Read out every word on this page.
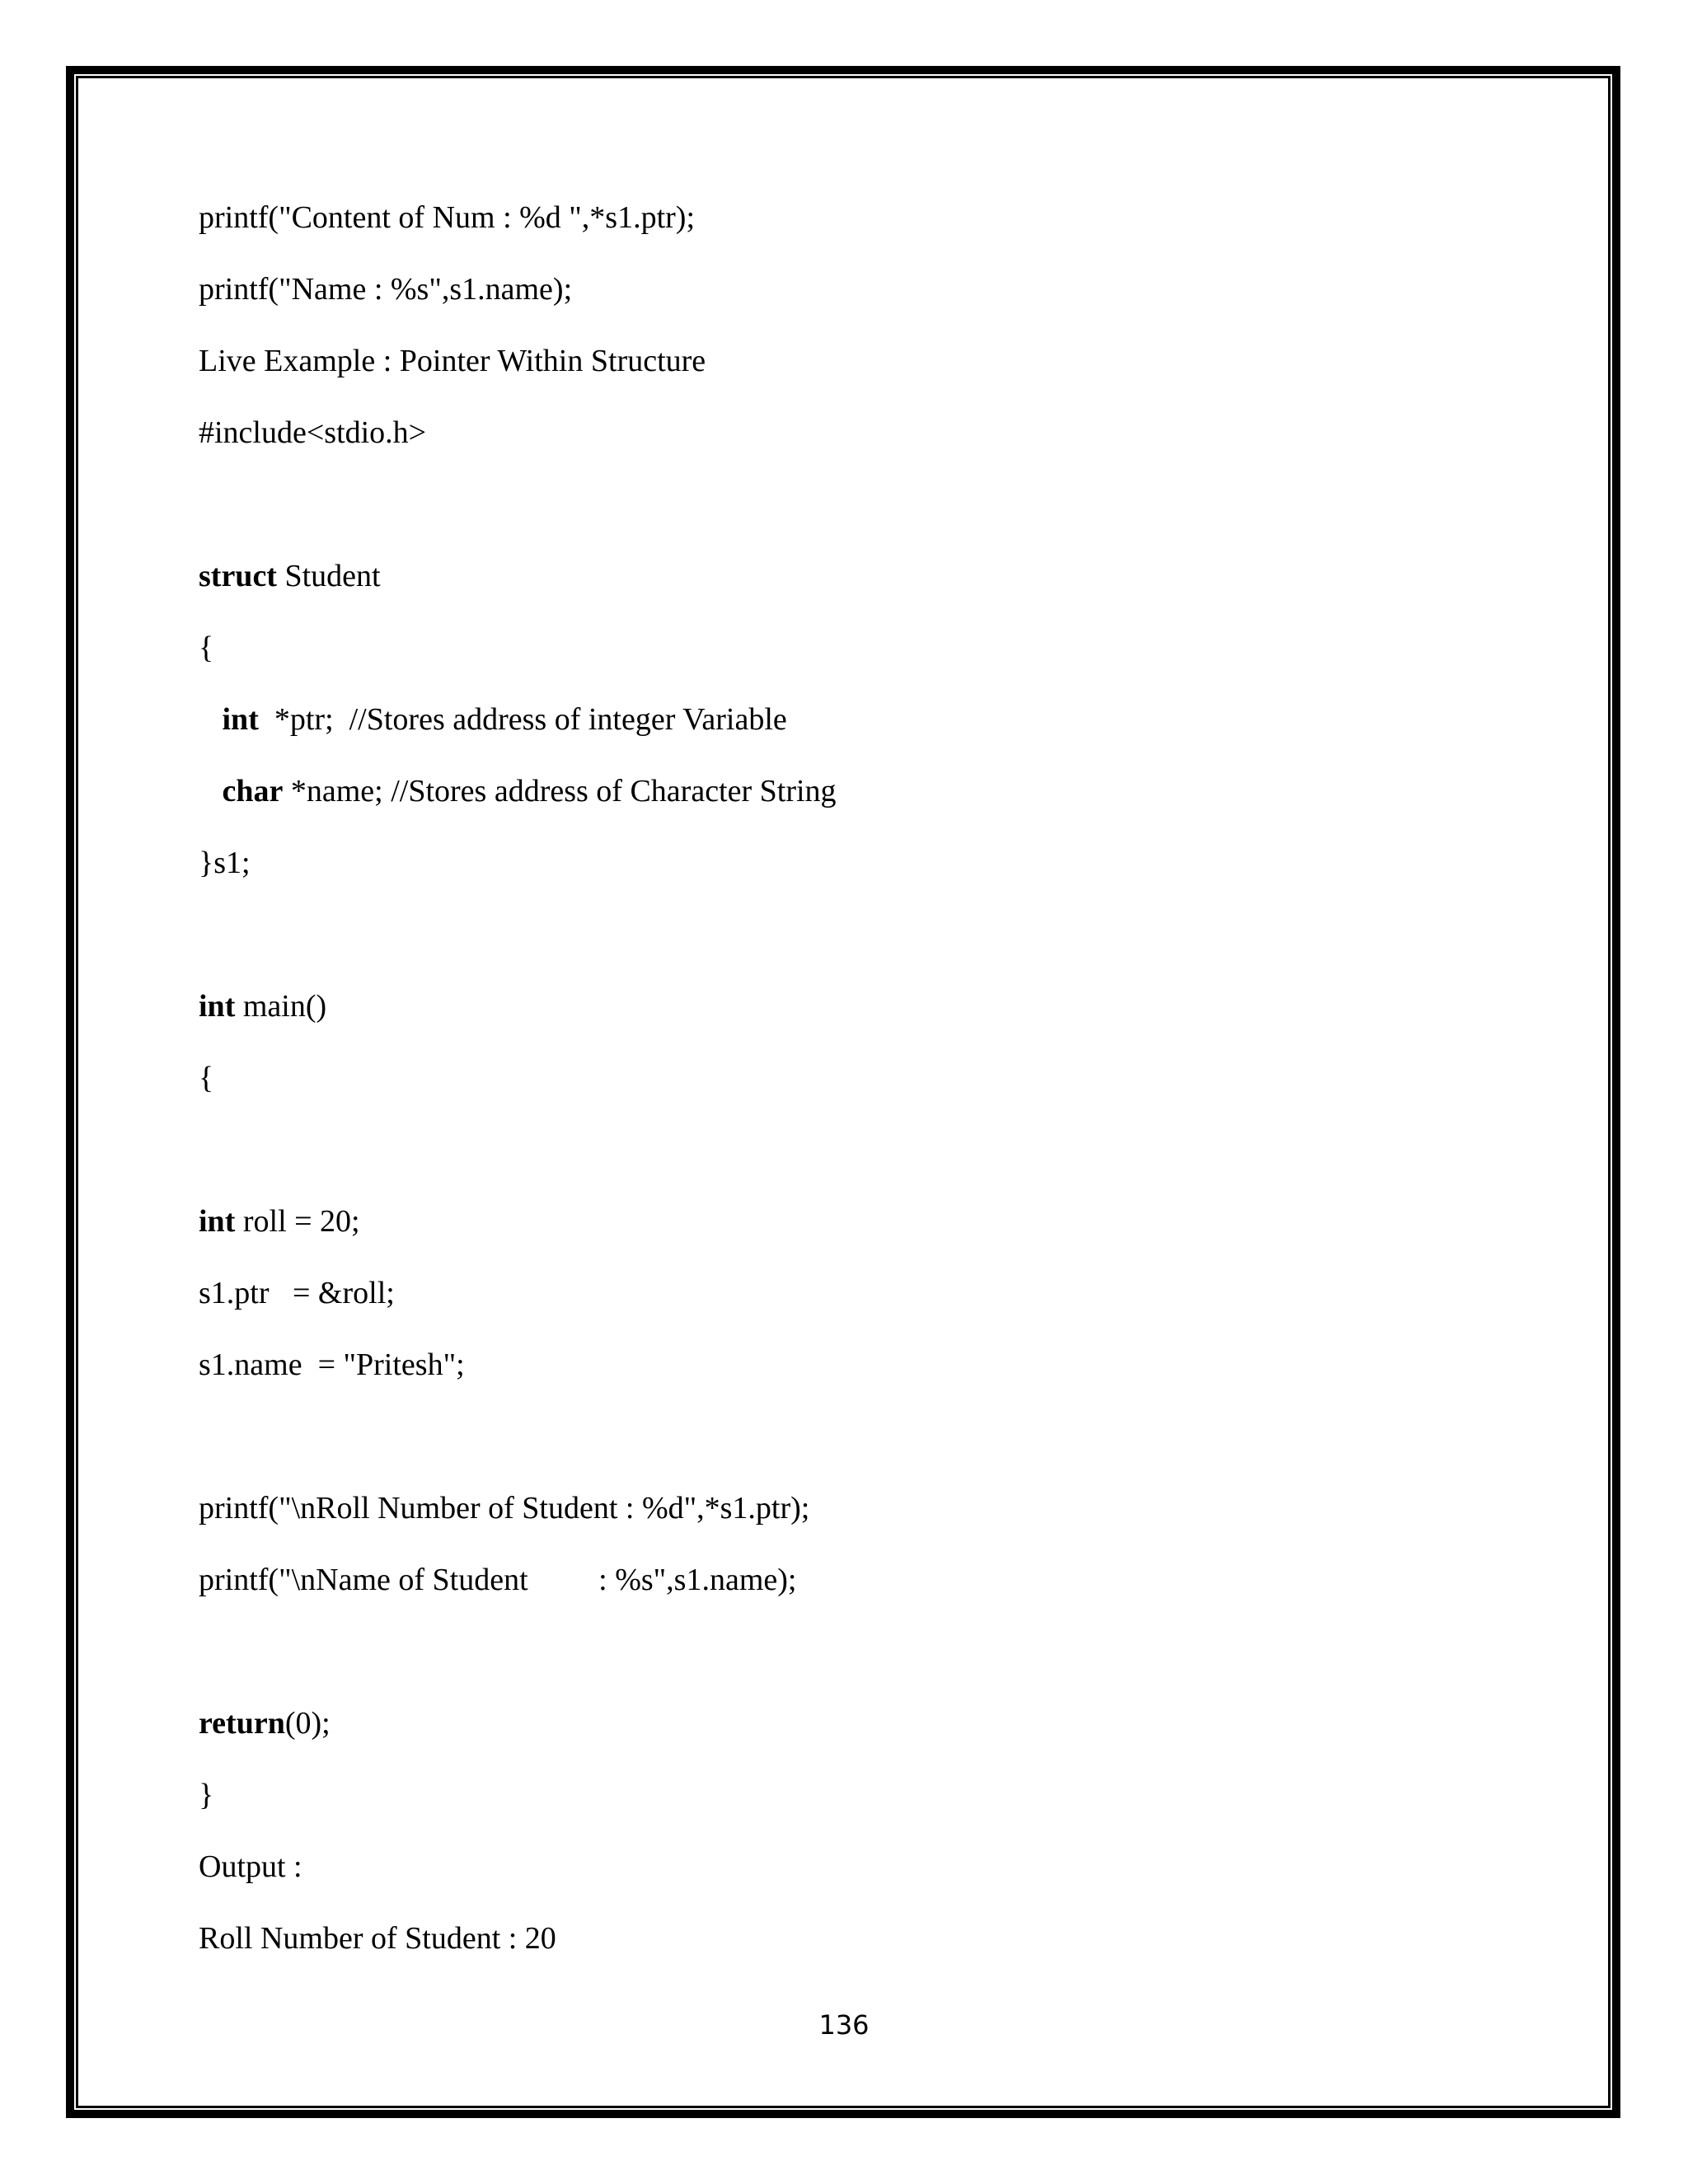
printf("Content of Num : %d ",*s1.ptr);
printf("Name : %s",s1.name);
Live Example : Pointer Within Structure
#include<stdio.h>
struct Student
{
int  *ptr;  //Stores address of integer Variable
char *name; //Stores address of Character String
}s1;
int main()
{
int roll = 20;
s1.ptr   = &roll;
s1.name  = "Pritesh";
printf("\nRoll Number of Student : %d",*s1.ptr);
printf("\nName of Student         : %s",s1.name);
return(0);
}
Output :
Roll Number of Student : 20
136
